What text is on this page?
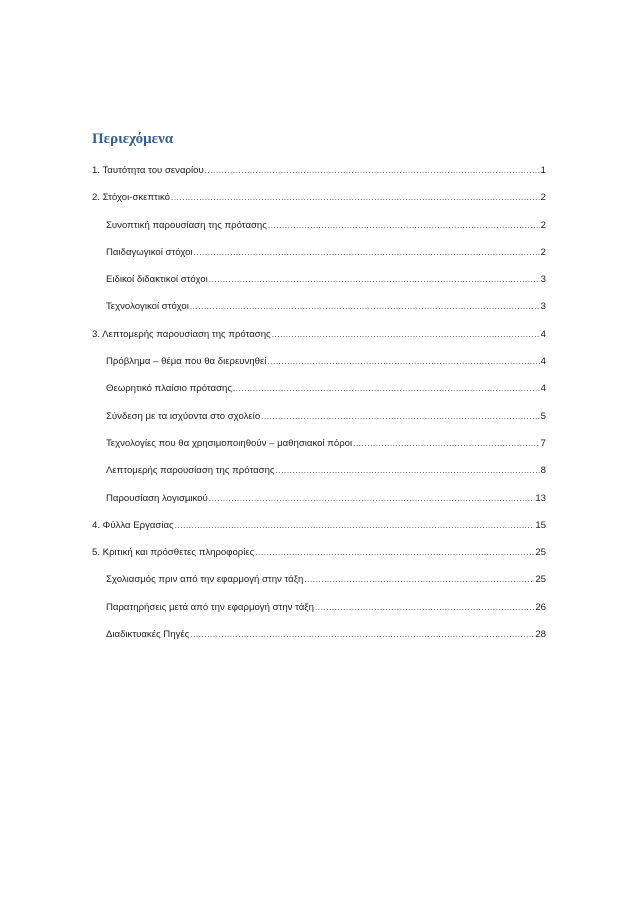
Περιεχόμενα
1. Ταυτότητα του σεναρίου .....	1
2. Στόχοι-σκεπτικό .....	2
Συνοπτική παρουσίαση της πρότασης .....	2
Παιδαγωγικοί στόχοι .....	2
Ειδικοί διδακτικοί στόχοι .....	3
Τεχνολογικοί στόχοι .....	3
3. Λεπτομερής παρουσίαση της πρότασης .....	4
Πρόβλημα – θέμα που θα διερευνηθεί .....	4
Θεωρητικό πλαίσιο πρότασης .....	4
Σύνδεση με τα ισχύοντα στο σχολείο .....	5
Τεχνολογίες που θα χρησιμοποιηθούν – μαθησιακοί πόροι .....	7
Λεπτομερής παρουσίαση της πρότασης .....	8
Παρουσίαση λογισμικού .....	13
4. Φύλλα Εργασίας .....	15
5. Κριτική και πρόσθετες πληροφορίες .....	25
Σχολιασμός πριν από την εφαρμογή στην τάξη .....	25
Παρατηρήσεις μετά από την εφαρμογή στην τάξη .....	26
Διαδικτυακές Πηγές .....	28
